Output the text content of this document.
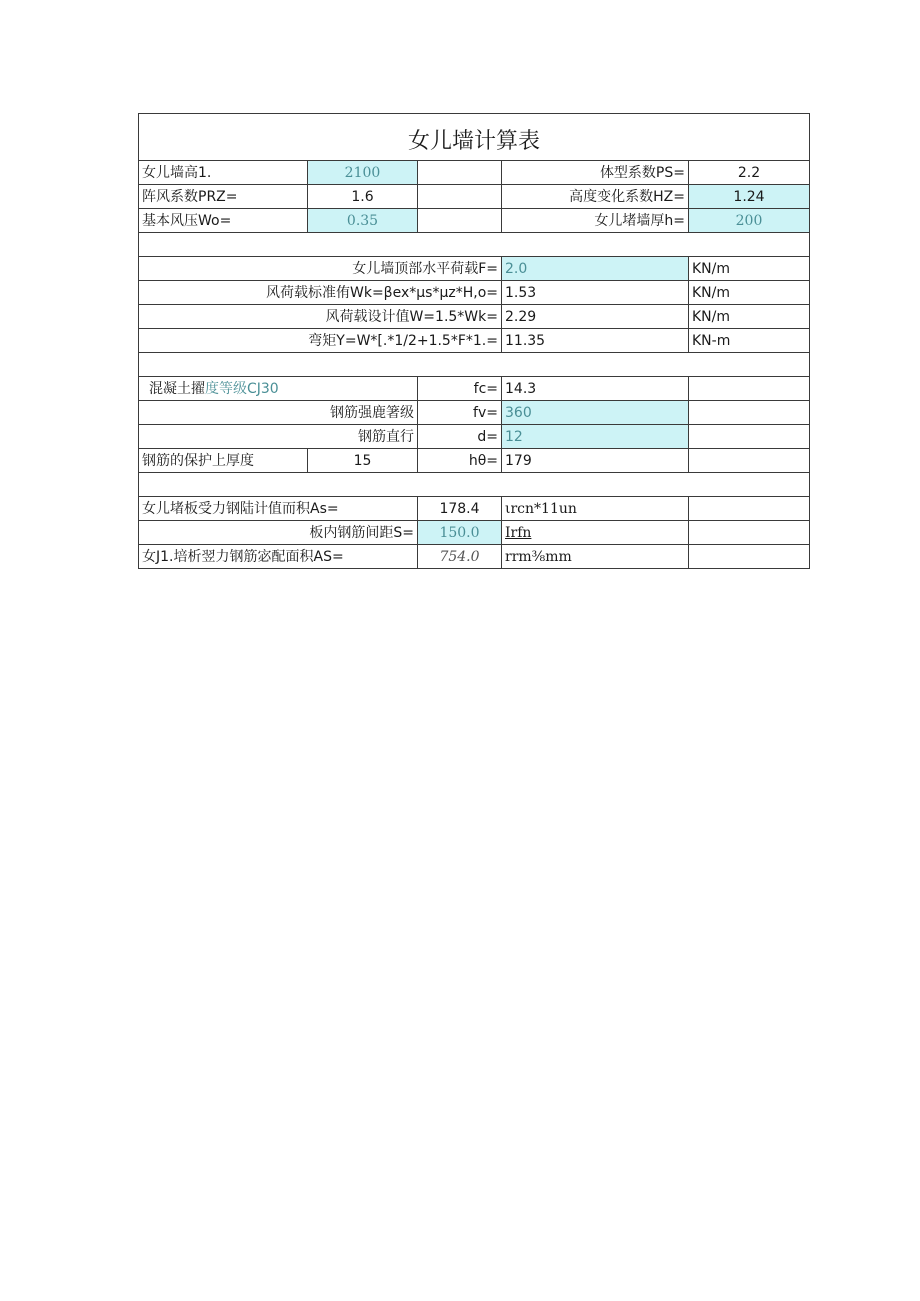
女儿墙计算表				
女儿墙高1.	2100		体型系数PS=	2.2
阵风系数PRZ=	1.6		高度变化系数HZ=	1.24
基本风压Wo=	0.35		女儿堵墙厚h=	200

女儿墙顶部水平荷载F=			2.0	KN/m
风荷载标准侑Wk=βex*μs*μz*H,o=			1.53	KN/m
风荷载设计值W=1.5*Wk=			2.29	KN/m
弯矩Y=W*[.*1/2+1.5*F*1.=			11.35	KN-m

混凝土擢度等级CJ30		fc=	14.3	
钢筋强鹿箸级		fv=	360	
钢筋直行		d=	12	
钢筋的保护上厚度	15	hθ=	179	

女儿堵板受力钢陆计值而积As=		178.4	ιrcn*11un	
板内钢筋间距S=		150.0	Irfn	
女J1.培析翌力钢筋宓配面积AS=		754.0	rrm⅜mm	
